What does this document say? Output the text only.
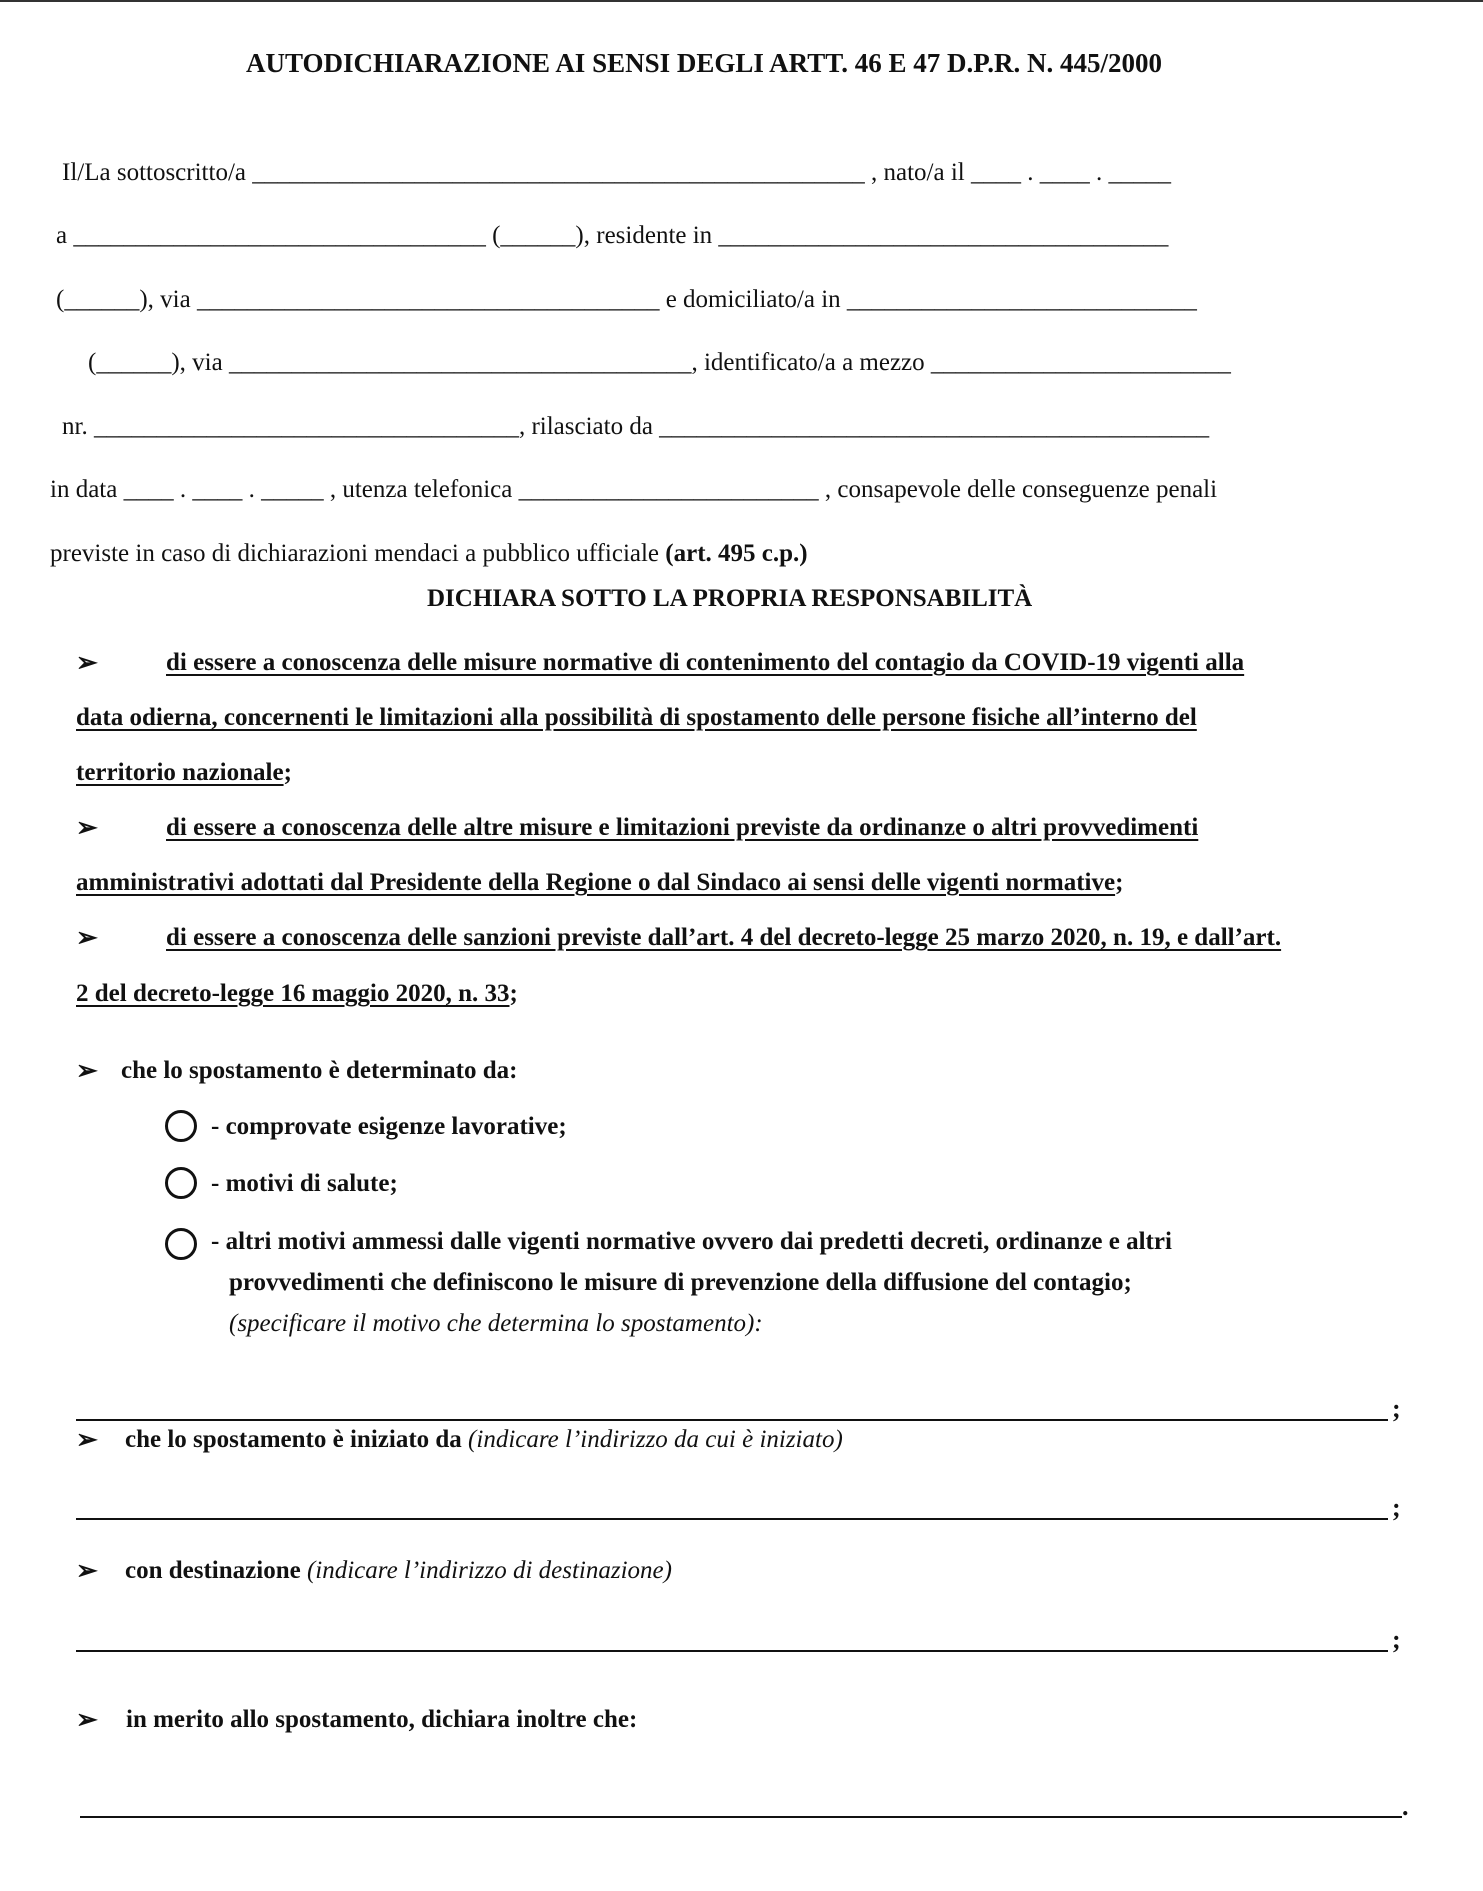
AUTODICHIARAZIONE AI SENSI DEGLI ARTT. 46 E 47 D.P.R. N. 445/2000
Il/La sottoscritto/a _________________________________________________ , nato/a il ____ . ____ . _____
a _________________________________ (______), residente in ____________________________________
(______), via _____________________________________ e domiciliato/a in ____________________________
(______), via _____________________________________, identificato/a a mezzo ________________________
nr. __________________________________, rilasciato da ____________________________________________
in data ____ . ____ . _____ , utenza telefonica ________________________ , consapevole delle conseguenze penali
previste in caso di dichiarazioni mendaci a pubblico ufficiale (art. 495 c.p.)
DICHIARA SOTTO LA PROPRIA RESPONSABILITÀ
➢	di essere a conoscenza delle misure normative di contenimento del contagio da COVID-19 vigenti alla
data odierna, concernenti le limitazioni alla possibilità di spostamento delle persone fisiche all’interno del
territorio nazionale;
➢	di essere a conoscenza delle altre misure e limitazioni previste da ordinanze o altri provvedimenti
amministrativi adottati dal Presidente della Regione o dal Sindaco ai sensi delle vigenti normative;
➢	di essere a conoscenza delle sanzioni previste dall’art. 4 del decreto-legge 25 marzo 2020, n. 19, e dall’art.
2 del decreto-legge 16 maggio 2020, n. 33;
➢ che lo spostamento è determinato da:
- comprovate esigenze lavorative;
- motivi di salute;
- altri motivi ammessi dalle vigenti normative ovvero dai predetti decreti, ordinanze e altri
provvedimenti che definiscono le misure di prevenzione della diffusione del contagio;
(specificare il motivo che determina lo spostamento):
;
➢ che lo spostamento è iniziato da (indicare l’indirizzo da cui è iniziato)
;
➢ con destinazione (indicare l’indirizzo di destinazione)
;
➢ in merito allo spostamento, dichiara inoltre che:
.
